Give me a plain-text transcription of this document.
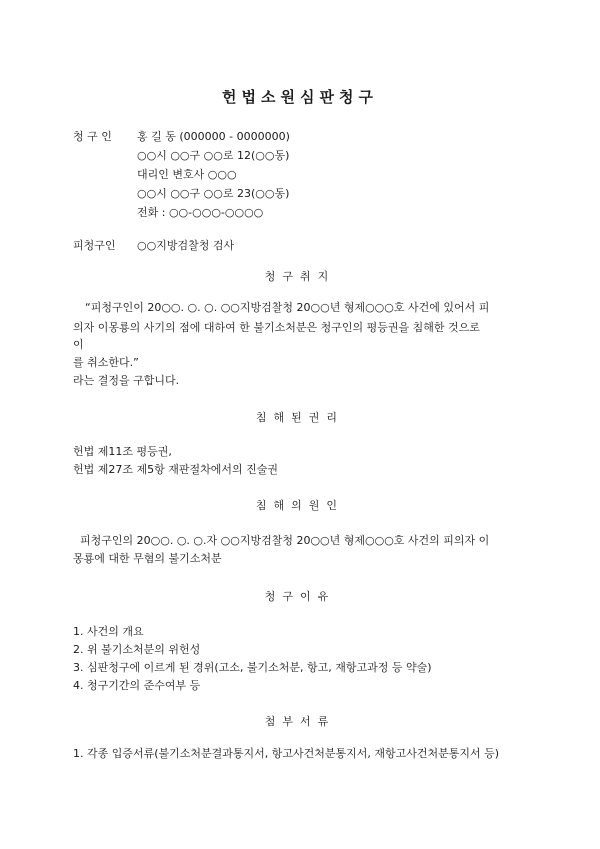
헌법소원심판청구
청 구 인 홍 길 동 (000000 - 0000000)
○○시 ○○구 ○○로 12(○○동)
대리인 변호사 ○○○
○○시 ○○구 ○○로 23(○○동)
전화 : ○○-○○○-○○○○
피청구인 ○○지방검찰청 검사
청구취지
“피청구인이 20○○. ○. ○. ○○지방검찰청 20○○년 형제○○○호 사건에 있어서 피
의자 이몽룡의 사기의 점에 대하여 한 불기소처분은 청구인의 평등권을 침해한 것으로
이
를 취소한다.”
라는 결정을 구합니다.
침해된권리
헌법 제11조 평등권,
헌법 제27조 제5항 재판절차에서의 진술권
침해의원인
피청구인의 20○○. ○. ○.자 ○○지방검찰청 20○○년 형제○○○호 사건의 피의자 이
몽룡에 대한 무혐의 불기소처분
청구이유
1. 사건의 개요
2. 위 불기소처분의 위헌성
3. 심판청구에 이르게 된 경위(고소, 불기소처분, 항고, 재항고과정 등 약술)
4. 청구기간의 준수여부 등
첨부서류
1. 각종 입증서류(불기소처분결과통지서, 항고사건처분통지서, 재항고사건처분통지서 등)
